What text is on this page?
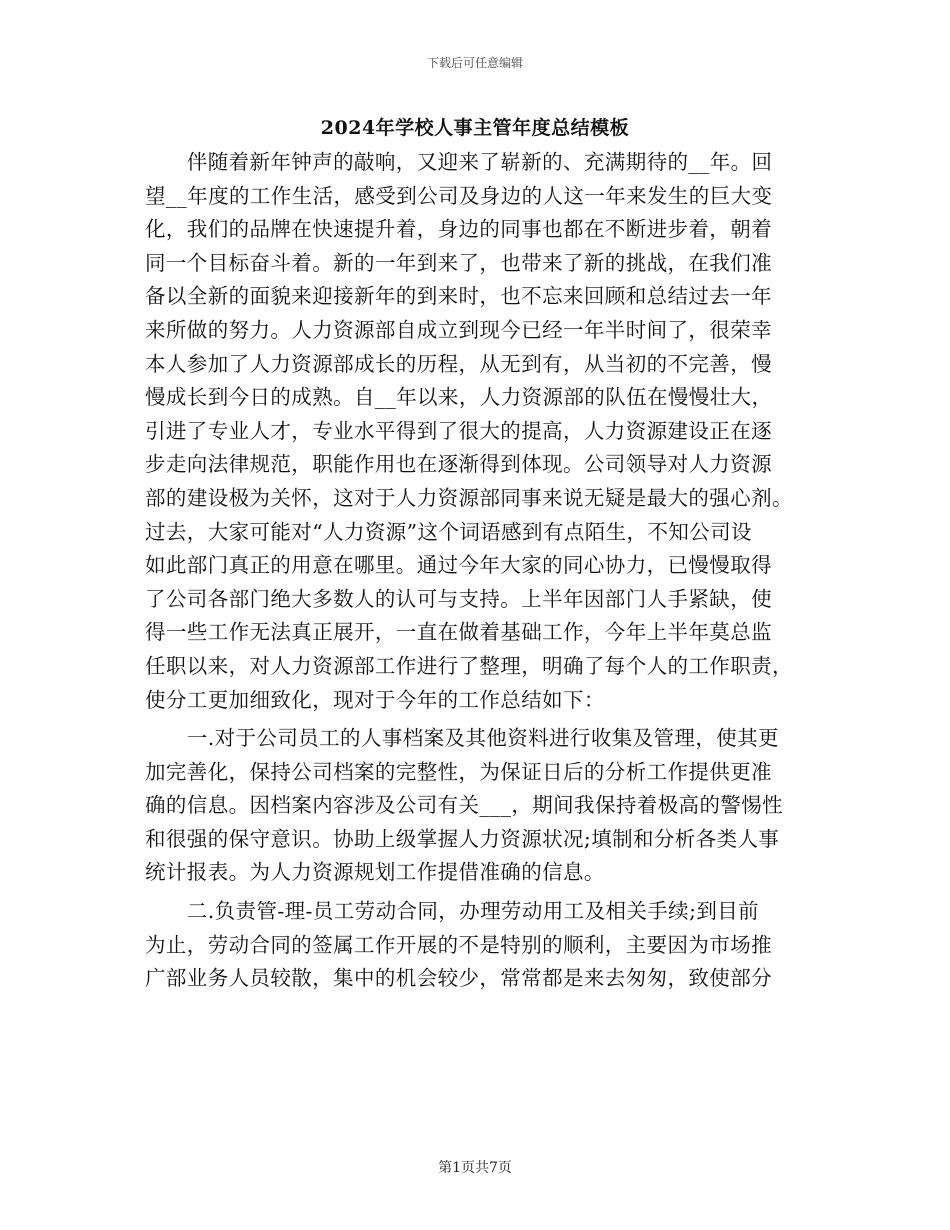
下载后可任意编辑
2024年学校人事主管年度总结模板
　　伴随着新年钟声的敲响，又迎来了崭新的、充满期待的__年。回
望__年度的工作生活，感受到公司及身边的人这一年来发生的巨大变
化，我们的品牌在快速提升着，身边的同事也都在不断进步着，朝着
同一个目标奋斗着。新的一年到来了，也带来了新的挑战，在我们准
备以全新的面貌来迎接新年的到来时，也不忘来回顾和总结过去一年
来所做的努力。人力资源部自成立到现今已经一年半时间了，很荣幸
本人参加了人力资源部成长的历程，从无到有，从当初的不完善，慢
慢成长到今日的成熟。自__年以来，人力资源部的队伍在慢慢壮大，
引进了专业人才，专业水平得到了很大的提高，人力资源建设正在逐
步走向法律规范，职能作用也在逐渐得到体现。公司领导对人力资源
部的建设极为关怀，这对于人力资源部同事来说无疑是最大的强心剂。
过去，大家可能对“人力资源”这个词语感到有点陌生，不知公司设
如此部门真正的用意在哪里。通过今年大家的同心协力，已慢慢取得
了公司各部门绝大多数人的认可与支持。上半年因部门人手紧缺，使
得一些工作无法真正展开，一直在做着基础工作，今年上半年莫总监
任职以来，对人力资源部工作进行了整理，明确了每个人的工作职责，
使分工更加细致化，现对于今年的工作总结如下：
　　一.对于公司员工的人事档案及其他资料进行收集及管理，使其更
加完善化，保持公司档案的完整性，为保证日后的分析工作提供更准
确的信息。因档案内容涉及公司有关___，期间我保持着极高的警惕性
和很强的保守意识。协助上级掌握人力资源状况;填制和分析各类人事
统计报表。为人力资源规划工作提借准确的信息。
　　二.负责管-理-员工劳动合同，办理劳动用工及相关手续;到目前
为止，劳动合同的签属工作开展的不是特别的顺利，主要因为市场推
广部业务人员较散，集中的机会较少，常常都是来去匆匆，致使部分
第1页共7页
